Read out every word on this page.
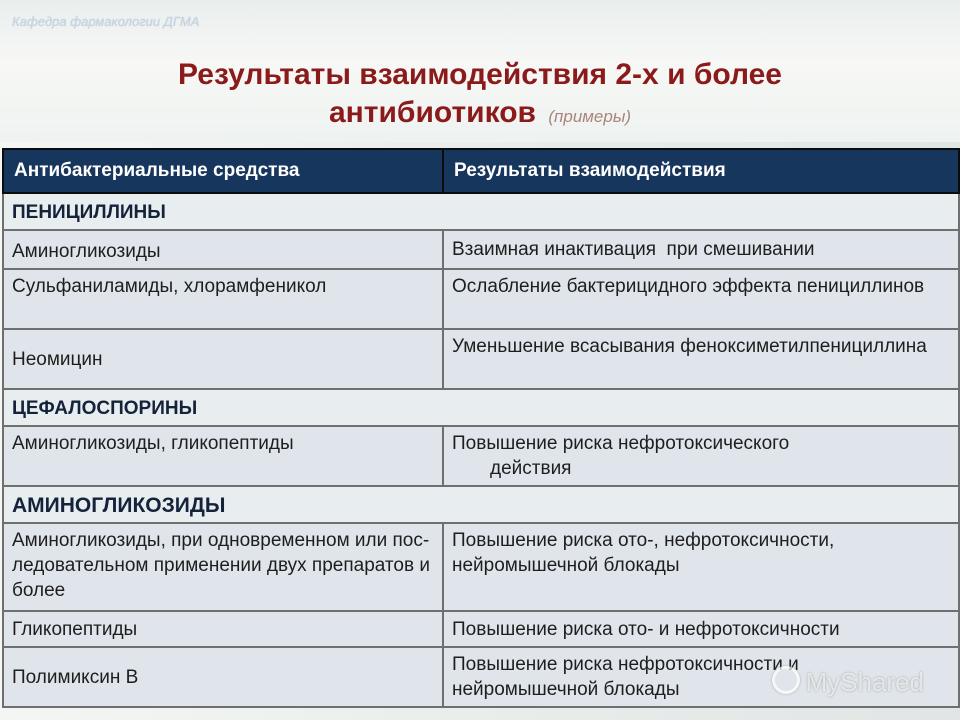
Кафедра фармакологии ДГМА
Результаты взаимодействия 2-х и более
антибиотиков (примеры)
Антибактериальные средства	Результаты взаимодействия
ПЕНИЦИЛЛИНЫ	
Аминогликозиды	Взаимная инактивация  при смешивании
Сульфаниламиды, хлорамфеникол	Ослабление бактерицидного эффекта пенициллинов
Неомицин	Уменьшение всасывания феноксиметилпенициллина
ЦЕФАЛОСПОРИНЫ	
Аминогликозиды, гликопептиды	Повышение риска нефротоксического
действия

АМИНОГЛИКОЗИДЫ	
Аминогликозиды, при одновременном или пос-ледовательном применении двух препаратов и более	Повышение риска ото-, нефротоксичности, нейромышечной блокады
Гликопептиды	Повышение риска ото- и нефротоксичности
Полимиксин В	Повышение риска нефротоксичности и нейромышечной блокады	MyShared
